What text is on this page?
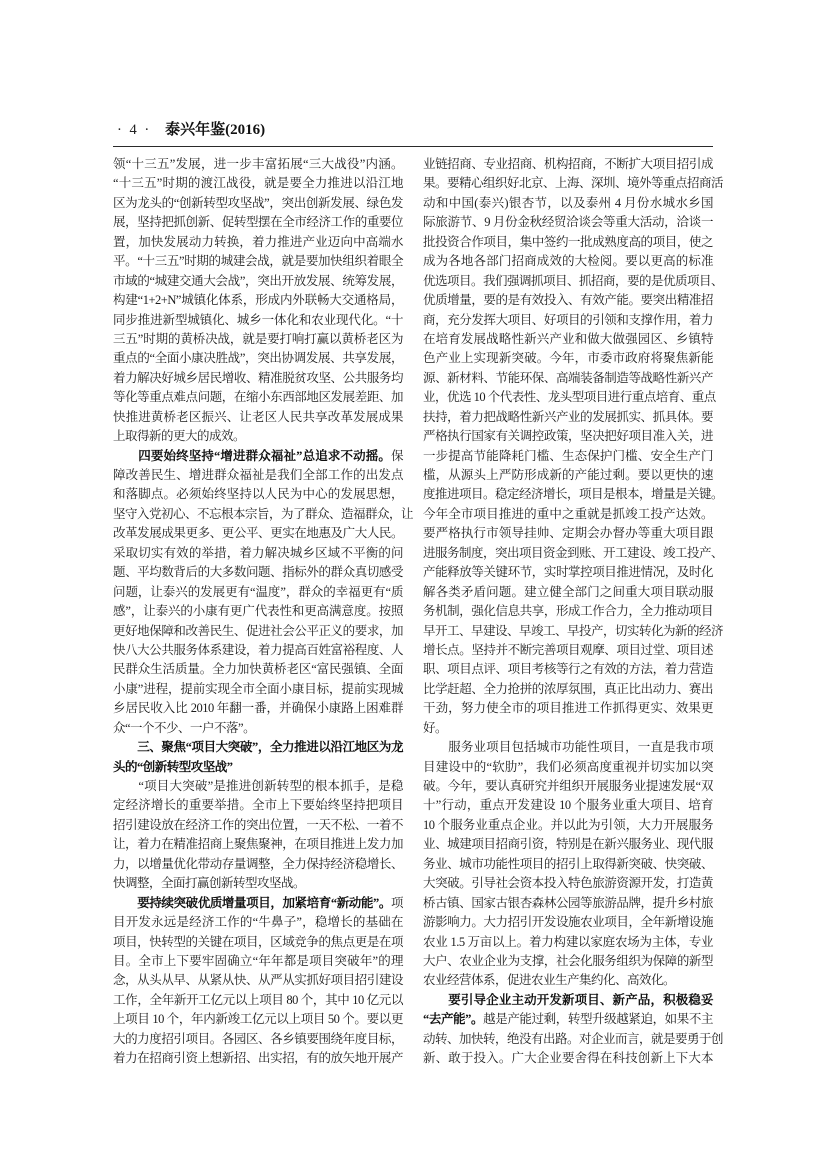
· 4 · 泰兴年鉴(2016)
领“十三五”发展，进一步丰富拓展“三大战役”内涵。
“十三五”时期的渡江战役，就是要全力推进以沿江地
区为龙头的“创新转型攻坚战”，突出创新发展、绿色发
展，坚持把抓创新、促转型摆在全市经济工作的重要位
置，加快发展动力转换，着力推进产业迈向中高端水
平。“十三五”时期的城建会战，就是要加快组织着眼全
市域的“城建交通大会战”，突出开放发展、统筹发展，
构建“1+2+N”城镇化体系，形成内外联畅大交通格局，
同步推进新型城镇化、城乡一体化和农业现代化。“十
三五”时期的黄桥决战，就是要打响打赢以黄桥老区为
重点的“全面小康决胜战”，突出协调发展、共享发展，
着力解决好城乡居民增收、精准脱贫攻坚、公共服务均
等化等重点难点问题，在缩小东西部地区发展差距、加
快推进黄桥老区振兴、让老区人民共享改革发展成果
上取得新的更大的成效。
　　四要始终坚持“增进群众福祉”总追求不动摇。保
障改善民生、增进群众福祉是我们全部工作的出发点
和落脚点。必须始终坚持以人民为中心的发展思想，
坚守入党初心、不忘根本宗旨，为了群众、造福群众，让
改革发展成果更多、更公平、更实在地惠及广大人民。
采取切实有效的举措，着力解决城乡区域不平衡的问
题、平均数背后的大多数问题、指标外的群众真切感受
问题，让泰兴的发展更有“温度”，群众的幸福更有“质
感”，让泰兴的小康有更广代表性和更高满意度。按照
更好地保障和改善民生、促进社会公平正义的要求，加
快八大公共服务体系建设，着力提高百姓富裕程度、人
民群众生活质量。全力加快黄桥老区“富民强镇、全面
小康”进程，提前实现全市全面小康目标，提前实现城
乡居民收入比 2010 年翻一番，并确保小康路上困难群
众“一个不少、一户不落”。
　　三、聚焦“项目大突破”，全力推进以沿江地区为龙
头的“创新转型攻坚战”
　　“项目大突破”是推进创新转型的根本抓手，是稳
定经济增长的重要举措。全市上下要始终坚持把项目
招引建设放在经济工作的突出位置，一天不松、一着不
让，着力在精准招商上聚焦聚神，在项目推进上发力加
力，以增量优化带动存量调整，全力保持经济稳增长、
快调整，全面打赢创新转型攻坚战。
　　要持续突破优质增量项目，加紧培育“新动能”。项
目开发永远是经济工作的“牛鼻子”，稳增长的基础在
项目，快转型的关键在项目，区域竞争的焦点更是在项
目。全市上下要牢固确立“年年都是项目突破年”的理
念，从头从早、从紧从快、从严从实抓好项目招引建设
工作，全年新开工亿元以上项目 80 个，其中 10 亿元以
上项目 10 个，年内新竣工亿元以上项目 50 个。要以更
大的力度招引项目。各园区、各乡镇要围绕年度目标，
着力在招商引资上想新招、出实招，有的放矢地开展产
业链招商、专业招商、机构招商，不断扩大项目招引成
果。要精心组织好北京、上海、深圳、境外等重点招商活
动和中国(泰兴)银杏节，以及泰州 4 月份水城水乡国
际旅游节、9 月份金秋经贸洽谈会等重大活动，洽谈一
批投资合作项目，集中签约一批成熟度高的项目，使之
成为各地各部门招商成效的大检阅。要以更高的标准
优选项目。我们强调抓项目、抓招商，要的是优质项目、
优质增量，要的是有效投入、有效产能。要突出精准招
商，充分发挥大项目、好项目的引领和支撑作用，着力
在培育发展战略性新兴产业和做大做强园区、乡镇特
色产业上实现新突破。今年，市委市政府将聚焦新能
源、新材料、节能环保、高端装备制造等战略性新兴产
业，优选 10 个代表性、龙头型项目进行重点培育、重点
扶持，着力把战略性新兴产业的发展抓实、抓具体。要
严格执行国家有关调控政策，坚决把好项目准入关，进
一步提高节能降耗门槛、生态保护门槛、安全生产门
槛，从源头上严防形成新的产能过剩。要以更快的速
度推进项目。稳定经济增长，项目是根本，增量是关键。
今年全市项目推进的重中之重就是抓竣工投产达效。
要严格执行市领导挂帅、定期会办督办等重大项目跟
进服务制度，突出项目资金到账、开工建设、竣工投产、
产能释放等关键环节，实时掌控项目推进情况，及时化
解各类矛盾问题。建立健全部门之间重大项目联动服
务机制，强化信息共享，形成工作合力，全力推动项目
早开工、早建设、早竣工、早投产，切实转化为新的经济
增长点。坚持并不断完善项目观摩、项目过堂、项目述
职、项目点评、项目考核等行之有效的方法，着力营造
比学赶超、全力抢拼的浓厚氛围，真正比出动力、赛出
干劲，努力使全市的项目推进工作抓得更实、效果更
好。
　　服务业项目包括城市功能性项目，一直是我市项
目建设中的“软肋”，我们必须高度重视并切实加以突
破。今年，要认真研究并组织开展服务业提速发展“双
十”行动，重点开发建设 10 个服务业重大项目、培育
10 个服务业重点企业。并以此为引领，大力开展服务
业、城建项目招商引资，特别是在新兴服务业、现代服
务业、城市功能性项目的招引上取得新突破、快突破、
大突破。引导社会资本投入特色旅游资源开发，打造黄
桥古镇、国家古银杏森林公园等旅游品牌，提升乡村旅
游影响力。大力招引开发设施农业项目，全年新增设施
农业 1.5 万亩以上。着力构建以家庭农场为主体，专业
大户、农业企业为支撑，社会化服务组织为保障的新型
农业经营体系，促进农业生产集约化、高效化。
　　要引导企业主动开发新项目、新产品，积极稳妥
“去产能”。越是产能过剩，转型升级越紧迫，如果不主
动转、加快转，绝没有出路。对企业而言，就是要勇于创
新、敢于投入。广大企业要舍得在科技创新上下大本
